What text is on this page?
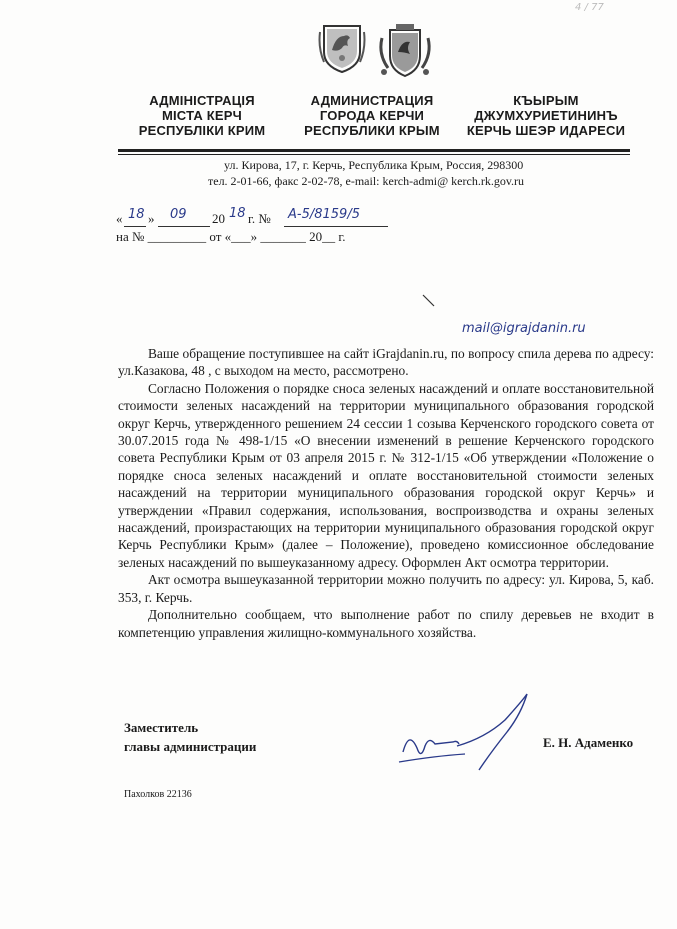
4 / 77
АДМІНІСТРАЦІЯ
МІСТА КЕРЧ
РЕСПУБЛІКИ КРИМ
АДМИНИСТРАЦИЯ
ГОРОДА КЕРЧИ
РЕСПУБЛИКИ КРЫМ
КЪЫРЫМ
ДЖУМХУРИЕТИНИНЪ
КЕРЧЬ ШЕЭР ИДАРЕСИ
ул. Кирова, 17, г. Керчь, Республика Крым, Россия, 298300
тел. 2-01-66, факс 2-02-78, e-mail: kerch-admi@ kerch.rk.gov.ru
« 18 » 09 20 18 г. № А-5/8159/5
на № _________ от «___» _______ 20__ г.
mail@igrajdanin.ru

Ваше обращение поступившее на сайт iGrajdanin.ru, по вопросу спила дерева по адресу: ул.Казакова, 48 , с выходом на место, рассмотрено.

Согласно Положения о порядке сноса зеленых насаждений и оплате восстановительной стоимости зеленых насаждений на территории муниципального образования городской округ Керчь, утвержденного решением 24 сессии 1 созыва Керченского городского совета от 30.07.2015 года № 498-1/15 «О внесении изменений в решение Керченского городского совета Республики Крым от 03 апреля 2015 г. № 312-1/15 «Об утверждении «Положение о порядке сноса зеленых насаждений и оплате восстановительной стоимости зеленых насаждений на территории муниципального образования городской округ Керчь» и утверждении «Правил содержания, использования, воспроизводства и охраны зеленых насаждений, произрастающих на территории муниципального образования городской округ Керчь Республики Крым» (далее – Положение), проведено комиссионное обследование зеленых насаждений по вышеуказанному адресу. Оформлен Акт осмотра территории.

Акт осмотра вышеуказанной территории можно получить по адресу: ул. Кирова, 5, каб. 353, г. Керчь.

Дополнительно сообщаем, что выполнение работ по спилу деревьев не входит в компетенцию управления жилищно-коммунального хозяйства.

Заместитель
главы администрации	Е. Н. Адаменко
Пахолков 22136
